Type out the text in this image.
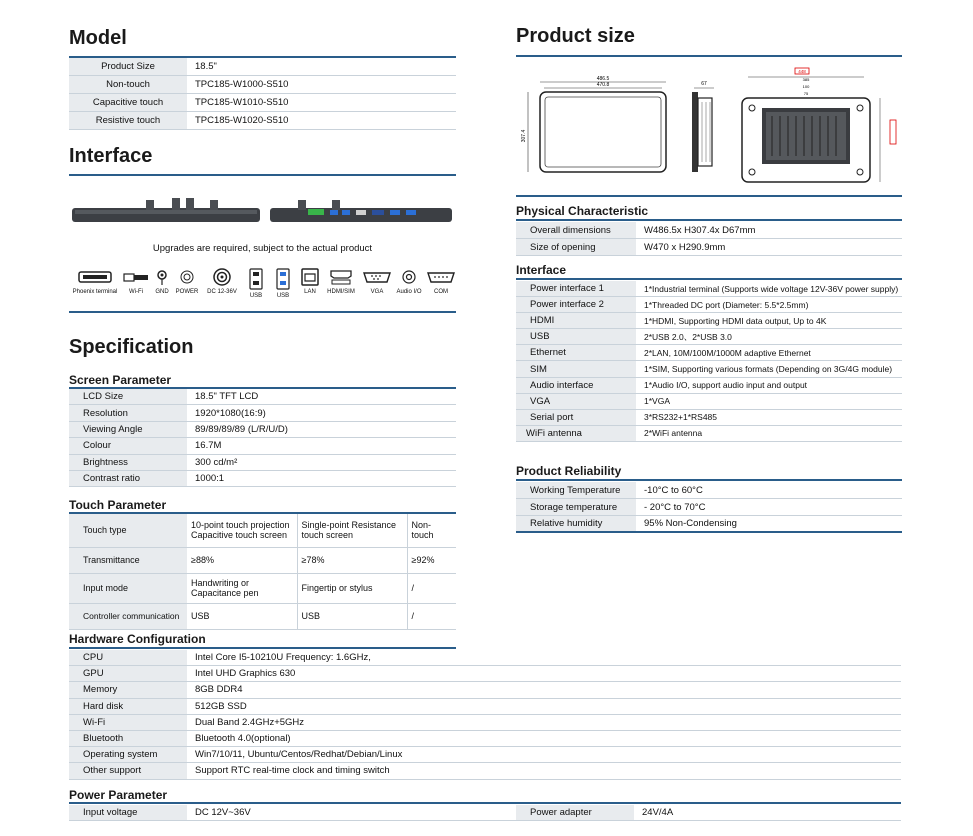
Model
Product Size	18.5"
Non-touch	TPC185-W1000-S510
Capacitive touch	TPC185-W1010-S510
Resistive touch	TPC185-W1020-S510
Interface
Upgrades are required, subject to the actual product
Phoenix terminal Wi-Fi GND POWER DC 12-36V
USB USB
LAN HDMI/SIM	VGA Audio I/O COM
Specification
Screen Parameter
LCD Size	18.5" TFT LCD
Resolution	1920*1080(16:9)
Viewing Angle	89/89/89/89 (L/R/U/D)
Colour	16.7M
Brightness	300 cd/m²
Contrast ratio	1000:1
Touch Parameter
Touch type	10-point touch projection Capacitive touch screen	Single-point Resistance touch screen	Non-touch
Transmittance	≥88%	≥78%	≥92%
Input mode	Handwriting or Capacitance pen	Fingertip or stylus	/
Controller communication	USB	USB	/
Hardware Configuration
CPU	Intel Core I5-10210U Frequency: 1.6GHz,
GPU	Intel UHD Graphics 630
Memory	8GB DDR4
Hard disk	512GB SSD
Wi-Fi	Dual Band 2.4GHz+5GHz
Bluetooth	Bluetooth 4.0(optional)
Operating system	Win7/10/11, Ubuntu/Centos/Redhat/Debian/Linux
Other support	Support RTC real-time clock and timing switch
Power Parameter
Input voltage	DC 12V~36V	Power adapter	24V/4A
Product size
486.5
470.8
307.4
67
448
385
100
75
Physical Characteristic
Overall dimensions	W486.5x H307.4x D67mm
Size of opening	W470 x H290.9mm
Interface
Power interface 1	1*Industrial terminal (Supports wide voltage 12V-36V power supply)
Power interface 2	1*Threaded DC port (Diameter: 5.5*2.5mm)
HDMI	1*HDMI, Supporting HDMI data output, Up to 4K
USB	2*USB 2.0、2*USB 3.0
Ethernet	2*LAN, 10M/100M/1000M adaptive Ethernet
SIM	1*SIM, Supporting various formats (Depending on 3G/4G module)
Audio interface	1*Audio I/O, support audio input and output
VGA	1*VGA
Serial port	3*RS232+1*RS485
WiFi antenna	2*WiFi antenna
Product Reliability
Working Temperature	-10°C to 60°C
Storage temperature	- 20°C to 70°C
Relative humidity	95% Non-Condensing
